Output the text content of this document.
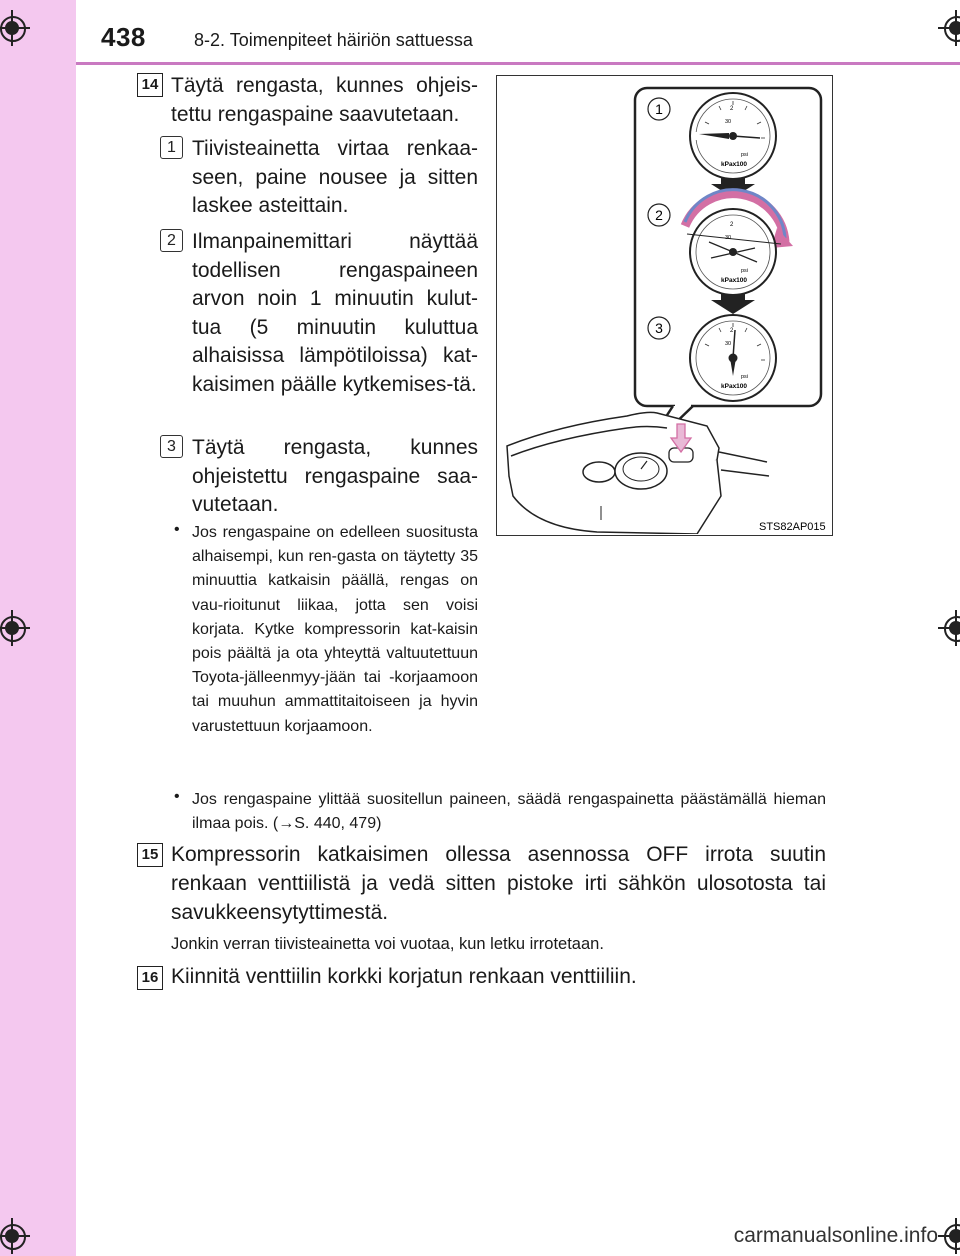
438	8-2. Toimenpiteet häiriön sattuessa
14 Täytä rengasta, kunnes ohjeis-tettu rengaspaine saavutetaan.

1 Tiivisteainetta virtaa renkaa-seen, paine nousee ja sitten laskee asteittain.

2 Ilmanpainemittari näyttää todellisen rengaspaineen arvon noin 1 minuutin kulut-tua (5 minuutin kuluttua alhaisissa lämpötiloissa) kat-kaisimen päälle kytkemises-tä.

3 Täytä rengasta, kunnes ohjeistettu rengaspaine saa-vutetaan.

• Jos rengaspaine on edelleen suositusta alhaisempi, kun ren-gasta on täytetty 35 minuuttia katkaisin päällä, rengas on vau-rioitunut liikaa, jotta sen voisi korjata. Kytke kompressorin kat-kaisin pois päältä ja ota yhteyttä valtuutettuun Toyota-jälleenmyy-jään tai -korjaamoon tai muuhun ammattitaitoiseen ja hyvin varustettuun korjaamoon.

• Jos rengaspaine ylittää suositellun paineen, säädä rengaspainetta päästämällä hieman ilmaa pois. (→S. 440, 479)

15 Kompressorin katkaisimen ollessa asennossa OFF irrota suutin renkaan venttiilistä ja vedä sitten pistoke irti sähkön ulosotosta tai savukkeensytyttimestä.

Jonkin verran tiivisteainetta voi vuotaa, kun letku irrotetaan.

16 Kiinnitä venttiilin korkki korjatun renkaan venttiiliin.

kPax100
psi
2
30
kPax100
psi
2
30
kPax100
psi
2
30
1
2
3
STS82AP015
carmanualsonline.info
